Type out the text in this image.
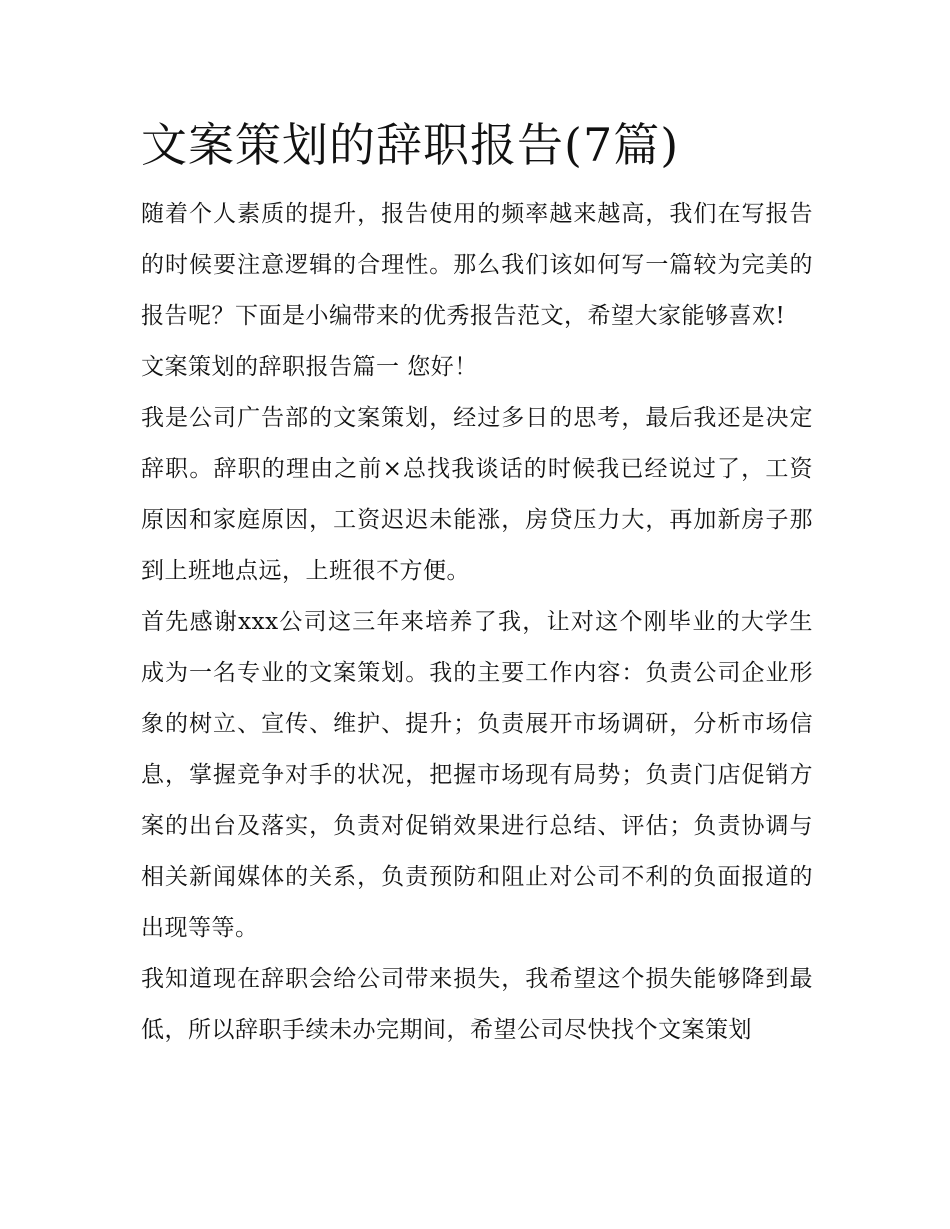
文案策划的辞职报告(7篇)

随着个人素质的提升，报告使用的频率越来越高，我们在写报告的时候要注意逻辑的合理性。那么我们该如何写一篇较为完美的报告呢？下面是小编带来的优秀报告范文，希望大家能够喜欢!

文案策划的辞职报告篇一 您好！

我是公司广告部的文案策划，经过多日的思考，最后我还是决定辞职。辞职的理由之前×总找我谈话的时候我已经说过了，工资原因和家庭原因，工资迟迟未能涨，房贷压力大，再加新房子那到上班地点远，上班很不方便。

首先感谢xxx公司这三年来培养了我，让对这个刚毕业的大学生成为一名专业的文案策划。我的主要工作内容：负责公司企业形象的树立、宣传、维护、提升；负责展开市场调研，分析市场信息，掌握竞争对手的状况，把握市场现有局势；负责门店促销方案的出台及落实，负责对促销效果进行总结、评估；负责协调与相关新闻媒体的关系，负责预防和阻止对公司不利的负面报道的出现等等。

我知道现在辞职会给公司带来损失，我希望这个损失能够降到最低，所以辞职手续未办完期间，希望公司尽快找个文案策划
